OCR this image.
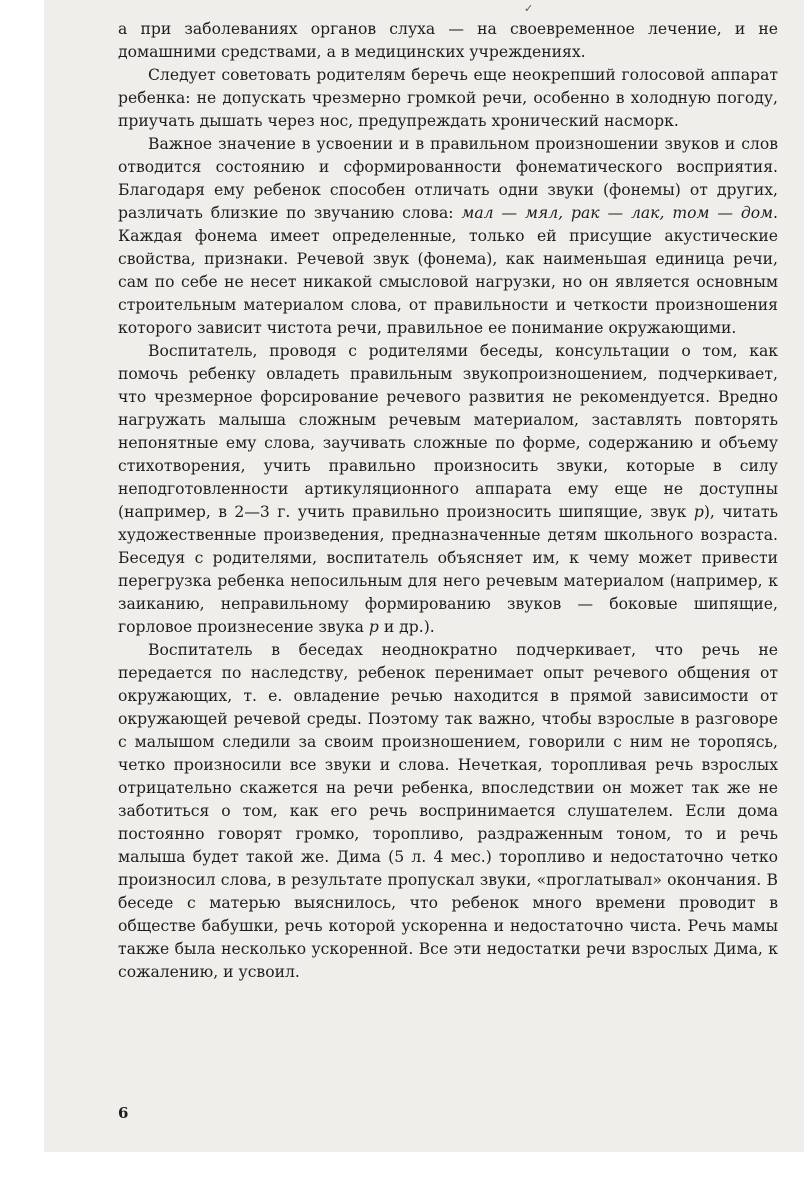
а при заболеваниях органов слуха — на своевременное лечение, и не домашними средствами, а в медицинских учреждениях.

Следует советовать родителям беречь еще неокрепший голосовой аппарат ребенка: не допускать чрезмерно громкой речи, особенно в холодную погоду, приучать дышать через нос, предупреждать хронический насморк.

Важное значение в усвоении и в правильном произношении звуков и слов отводится состоянию и сформированности фонематического восприятия. Благодаря ему ребенок способен отличать одни звуки (фонемы) от других, различать близкие по звучанию слова: мал — мял, рак — лак, том — дом. Каждая фонема имеет определенные, только ей присущие акустические свойства, признаки. Речевой звук (фонема), как наименьшая единица речи, сам по себе не несет никакой смысловой нагрузки, но он является основным строительным материалом слова, от правильности и четкости произношения которого зависит чистота речи, правильное ее понимание окружающими.

Воспитатель, проводя с родителями беседы, консультации о том, как помочь ребенку овладеть правильным звукопроизношением, подчеркивает, что чрезмерное форсирование речевого развития не рекомендуется. Вредно нагружать малыша сложным речевым материалом, заставлять повторять непонятные ему слова, заучивать сложные по форме, содержанию и объему стихотворения, учить правильно произносить звуки, которые в силу неподготовленности артикуляционного аппарата ему еще не доступны (например, в 2—3 г. учить правильно произносить шипящие, звук р), читать художественные произведения, предназначенные детям школьного возраста. Беседуя с родителями, воспитатель объясняет им, к чему может привести перегрузка ребенка непосильным для него речевым материалом (например, к заиканию, неправильному формированию звуков — боковые шипящие, горловое произнесение звука р и др.).

Воспитатель в беседах неоднократно подчеркивает, что речь не передается по наследству, ребенок перенимает опыт речевого общения от окружающих, т. е. овладение речью находится в прямой зависимости от окружающей речевой среды. Поэтому так важно, чтобы взрослые в разговоре с малышом следили за своим произношением, говорили с ним не торопясь, четко произносили все звуки и слова. Нечеткая, торопливая речь взрослых отрицательно скажется на речи ребенка, впоследствии он может так же не заботиться о том, как его речь воспринимается слушателем. Если дома постоянно говорят громко, торопливо, раздраженным тоном, то и речь малыша будет такой же. Дима (5 л. 4 мес.) торопливо и недостаточно четко произносил слова, в результате пропускал звуки, «проглатывал» окончания. В беседе с матерью выяснилось, что ребенок много времени проводит в обществе бабушки, речь которой ускоренна и недостаточно чиста. Речь мамы также была несколько ускоренной. Все эти недостатки речи взрослых Дима, к сожалению, и усвоил.

6
✓
